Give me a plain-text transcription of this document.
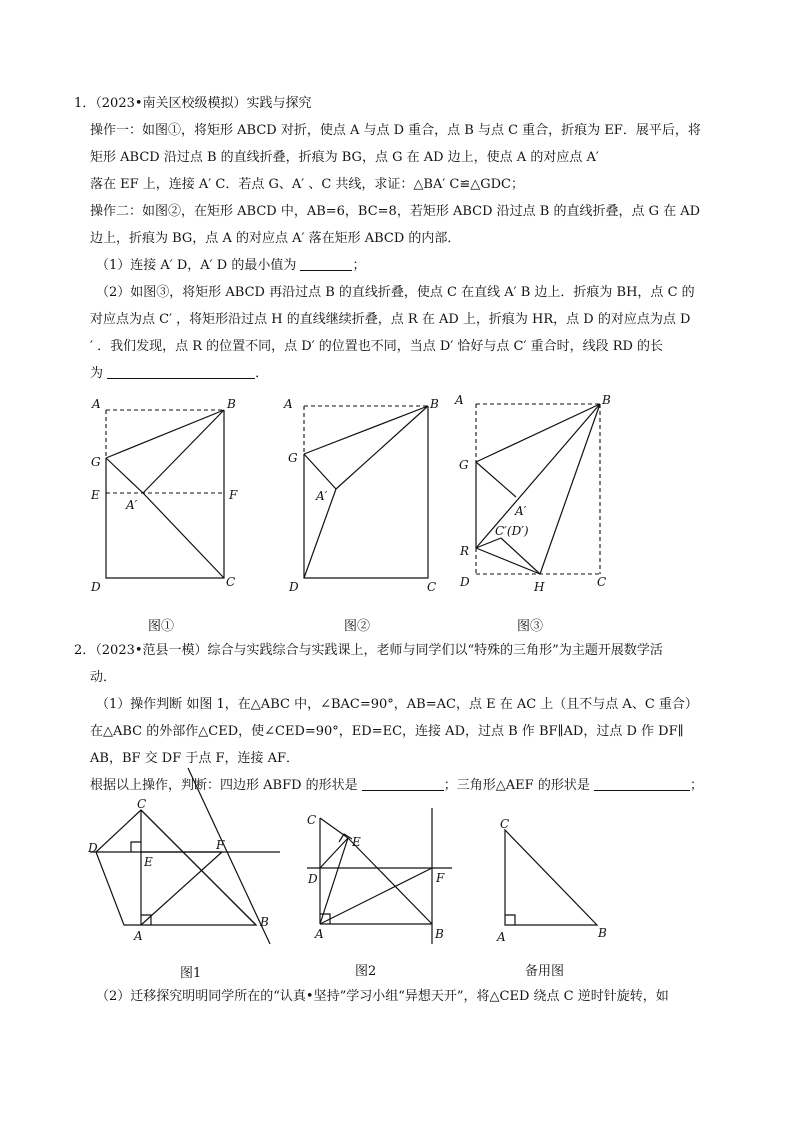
1．（2023•南关区校级模拟）实践与探究
操作一：如图①，将矩形 ABCD 对折，使点 A 与点 D 重合，点 B 与点 C 重合，折痕为 EF．展平后，将
矩形 ABCD 沿过点 B 的直线折叠，折痕为 BG，点 G 在 AD 边上，使点 A 的对应点 A′
落在 EF 上，连接 A′ C．若点 G、A′ 、C 共线，求证：△BA′ C≌△GDC；
操作二：如图②，在矩形 ABCD 中，AB=6，BC=8，若矩形 ABCD 沿过点 B 的直线折叠，点 G 在 AD
边上，折痕为 BG，点 A 的对应点 A′ 落在矩形 ABCD 的内部．
（1）连接 A′ D，A′ D 的最小值为	；
（2）如图③，将矩形 ABCD 再沿过点 B 的直线折叠，使点 C 在直线 A′ B 边上．折痕为 BH，点 C 的
对应点为点 C′ ，将矩形沿过点 H 的直线继续折叠，点 R 在 AD 上，折痕为 HR，点 D 的对应点为点 D
′ ．我们发现，点 R 的位置不同，点 D′ 的位置也不同，当点 D′ 恰好与点 C′ 重合时，线段 RD 的长
为	．
A	B
G
E	F
A′
D	C
A	B
G
A′
D	C
A	B
G
A′
C′(D′)
R
D	H	C
C
D
E
F
A
B
C
E
D	F
A	B
C
A	B
图①	图②	图③
2．（2023•范县一模）综合与实践综合与实践课上，老师与同学们以“特殊的三角形”为主题开展数学活
动．
（1）操作判断 如图 1，在△ABC 中，∠BAC=90°，AB=AC，点 E 在 AC 上（且不与点 A、C 重合）
在△ABC 的外部作△CED，使∠CED=90°，ED=EC，连接 AD，过点 B 作 BF∥AD，过点 D 作 DF∥
AB，BF 交 DF 于点 F，连接 AF．
根据以上操作，判断：四边形 ABFD 的形状是	；三角形△AEF 的形状是	；
图1	图2	备用图
（2）迁移探究明明同学所在的“认真•坚持”学习小组“异想天开”，将△CED 绕点 C 逆时针旋转，如
